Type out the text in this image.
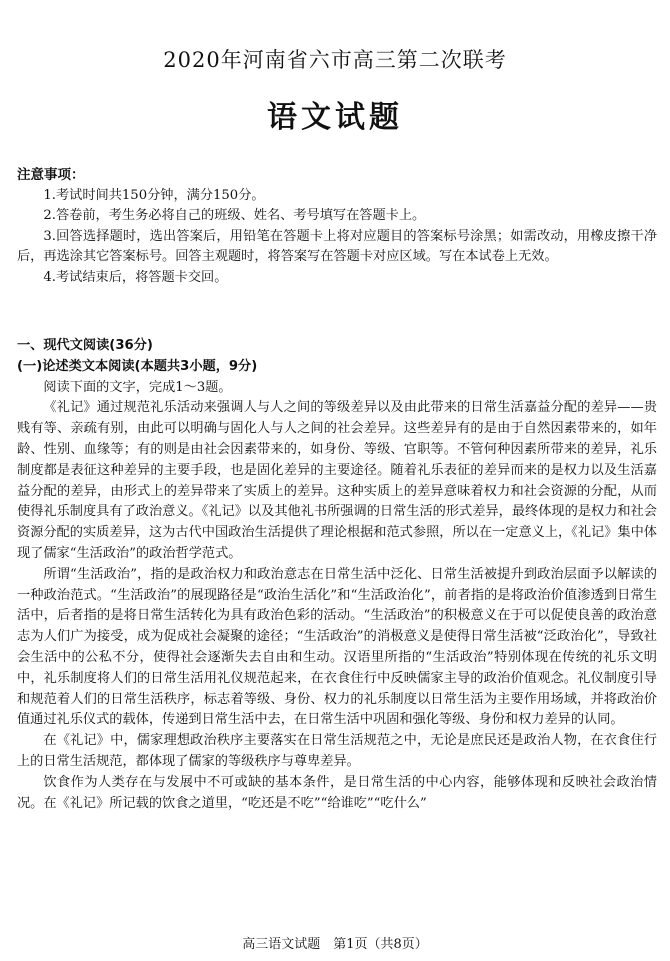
2020年河南省六市高三第二次联考
语文试题
注意事项：
1.考试时间共150分钟，满分150分。
2.答卷前，考生务必将自己的班级、姓名、考号填写在答题卡上。
3.回答选择题时，选出答案后，用铅笔在答题卡上将对应题目的答案标号涂黑；如需改动，用橡皮擦干净后，再选涂其它答案标号。回答主观题时，将答案写在答题卡对应区域。写在本试卷上无效。
4.考试结束后，将答题卡交回。
一、现代文阅读(36分)
(一)论述类文本阅读(本题共3小题，9分)

阅读下面的文字，完成1～3题。

《礼记》通过规范礼乐活动来强调人与人之间的等级差异以及由此带来的日常生活嘉益分配的差异——贵贱有等、亲疏有别，由此可以明确与固化人与人之间的社会差异。这些差异有的是由于自然因素带来的，如年龄、性别、血缘等；有的则是由社会因素带来的，如身份、等级、官职等。不管何种因素所带来的差异，礼乐制度都是表征这种差异的主要手段，也是固化差异的主要途径。随着礼乐表征的差异而来的是权力以及生活嘉益分配的差异，由形式上的差异带来了实质上的差异。这种实质上的差异意味着权力和社会资源的分配，从而使得礼乐制度具有了政治意义。《礼记》以及其他礼书所强调的日常生活的形式差异，最终体现的是权力和社会资源分配的实质差异，这为古代中国政治生活提供了理论根据和范式参照，所以在一定意义上，《礼记》集中体现了儒家“生活政治”的政治哲学范式。

所谓“生活政治”，指的是政治权力和政治意志在日常生活中泛化、日常生活被提升到政治层面予以解读的一种政治范式。“生活政治”的展现路径是“政治生活化”和“生活政治化”，前者指的是将政治价值渗透到日常生活中，后者指的是将日常生活转化为具有政治色彩的活动。“生活政治”的积极意义在于可以促使良善的政治意志为人们广为接受，成为促成社会凝聚的途径；“生活政治”的消极意义是使得日常生活被“泛政治化”，导致社会生活中的公私不分，使得社会逐渐失去自由和生动。汉语里所指的“生活政治”特别体现在传统的礼乐文明中，礼乐制度将人们的日常生活用礼仪规范起来，在衣食住行中反映儒家主导的政治价值观念。礼仪制度引导和规范着人们的日常生活秩序，标志着等级、身份、权力的礼乐制度以日常生活为主要作用场域，并将政治价值通过礼乐仪式的载体，传递到日常生活中去，在日常生活中巩固和强化等级、身份和权力差异的认同。

在《礼记》中，儒家理想政治秩序主要落实在日常生活规范之中，无论是庶民还是政治人物，在衣食住行上的日常生活规范，都体现了儒家的等级秩序与尊卑差异。

饮食作为人类存在与发展中不可或缺的基本条件，是日常生活的中心内容，能够体现和反映社会政治情况。在《礼记》所记载的饮食之道里，“吃还是不吃”“给谁吃”“吃什么”

高三语文试题　第1页（共8页）
